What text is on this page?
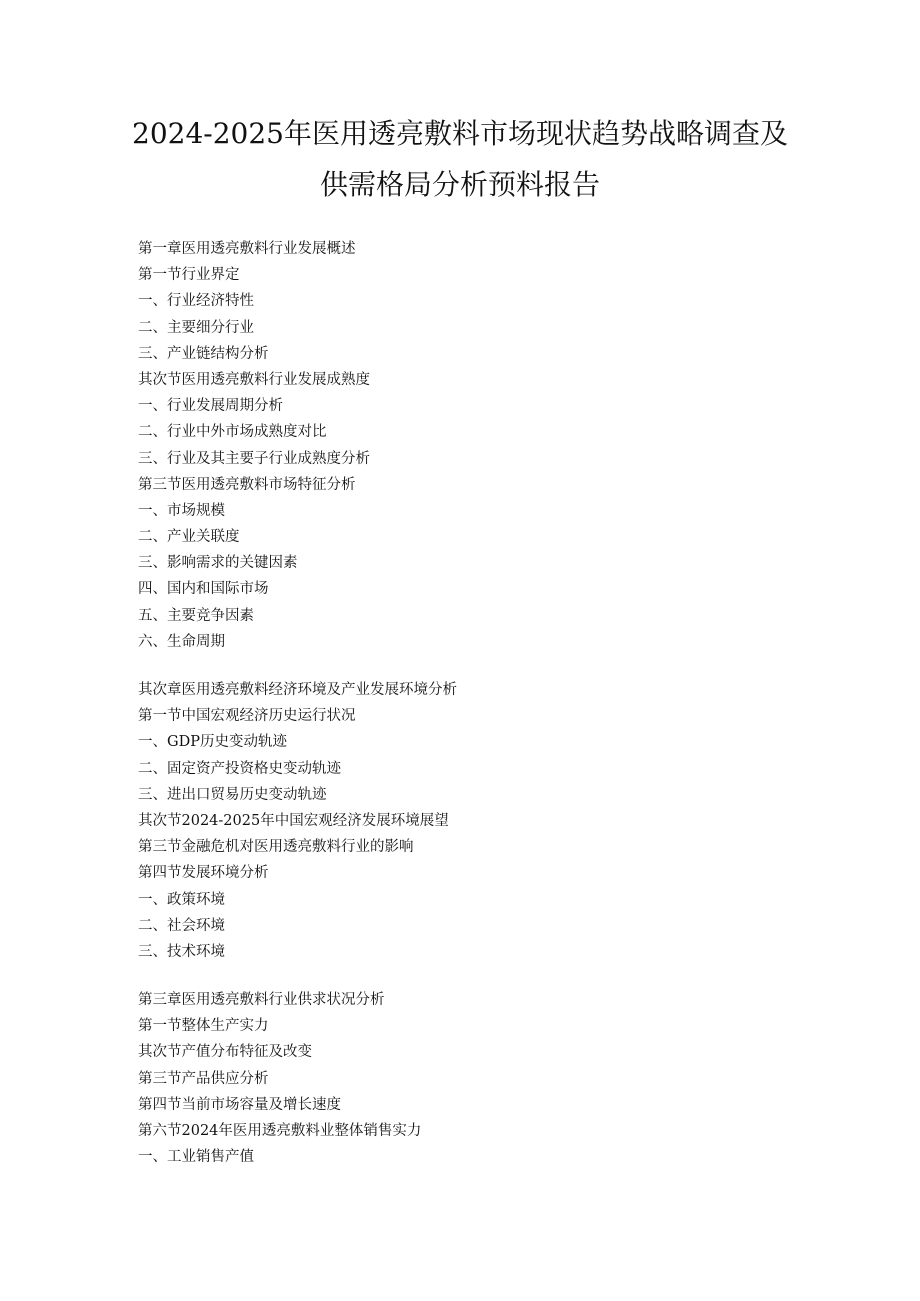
2024-2025年医用透亮敷料市场现状趋势战略调查及
供需格局分析预料报告
第一章医用透亮敷料行业发展概述
第一节行业界定
一、行业经济特性
二、主要细分行业
三、产业链结构分析
其次节医用透亮敷料行业发展成熟度
一、行业发展周期分析
二、行业中外市场成熟度对比
三、行业及其主要子行业成熟度分析
第三节医用透亮敷料市场特征分析
一、市场规模
二、产业关联度
三、影响需求的关键因素
四、国内和国际市场
五、主要竞争因素
六、生命周期
其次章医用透亮敷料经济环境及产业发展环境分析
第一节中国宏观经济历史运行状况
一、GDP历史变动轨迹
二、固定资产投资格史变动轨迹
三、进出口贸易历史变动轨迹
其次节2024-2025年中国宏观经济发展环境展望
第三节金融危机对医用透亮敷料行业的影响
第四节发展环境分析
一、政策环境
二、社会环境
三、技术环境
第三章医用透亮敷料行业供求状况分析
第一节整体生产实力
其次节产值分布特征及改变
第三节产品供应分析
第四节当前市场容量及增长速度
第六节2024年医用透亮敷料业整体销售实力
一、工业销售产值
